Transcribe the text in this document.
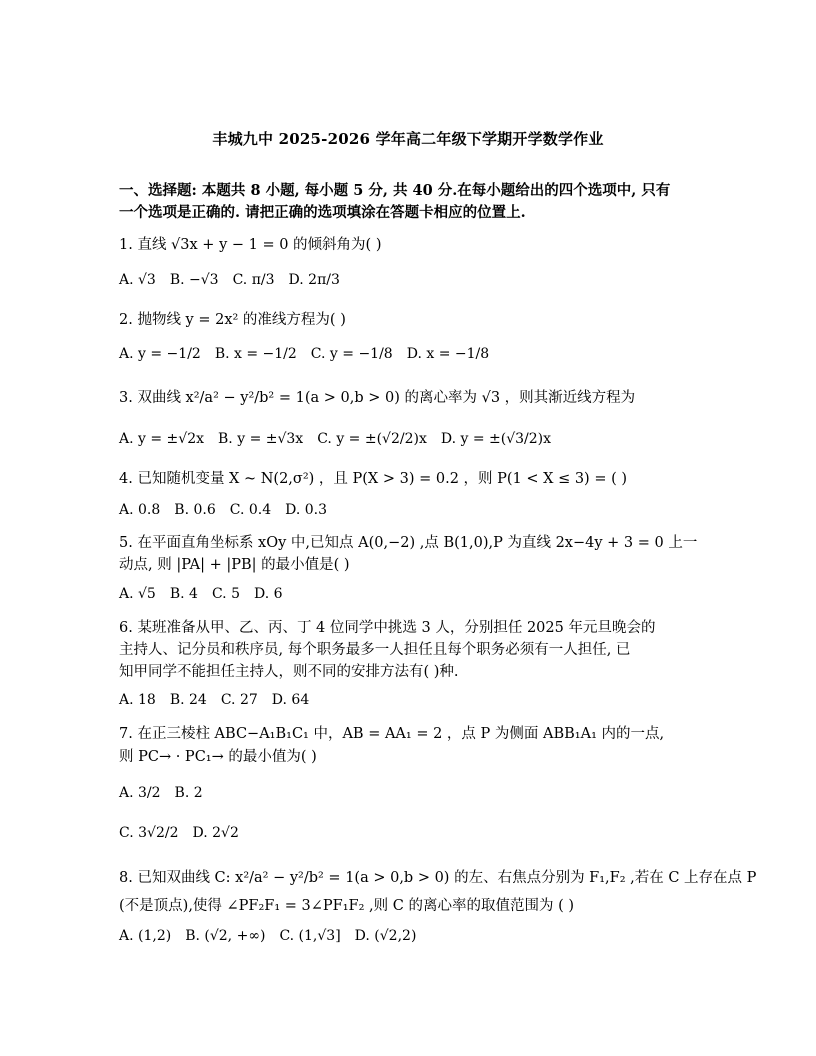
丰城九中 2025-2026 学年高二年级下学期开学数学作业
一、选择题: 本题共 8 小题, 每小题 5 分, 共 40 分.在每小题给出的四个选项中, 只有
一个选项是正确的. 请把正确的选项填涂在答题卡相应的位置上.
1. 直线 √3x + y − 1 = 0 的倾斜角为( )
A. √3 B. −√3 C. π/3 D. 2π/3
2. 抛物线 y = 2x² 的准线方程为( )
A. y = −1/2 B. x = −1/2 C. y = −1/8 D. x = −1/8
3. 双曲线 x²/a² − y²/b² = 1(a > 0,b > 0) 的离心率为 √3 ，则其渐近线方程为
A. y = ±√2x B. y = ±√3x C. y = ±(√2/2)x D. y = ±(√3/2)x
4. 已知随机变量 X ~ N(2,σ²) ，且 P(X > 3) = 0.2 ，则 P(1 < X ≤ 3) = ( )
A. 0.8 B. 0.6 C. 0.4 D. 0.3
5. 在平面直角坐标系 xOy 中,已知点 A(0,−2) ,点 B(1,0),P 为直线 2x−4y + 3 = 0 上一
动点, 则 |PA| + |PB| 的最小值是( )
A. √5 B. 4 C. 5 D. 6
6. 某班准备从甲、乙、丙、丁 4 位同学中挑选 3 人，分别担任 2025 年元旦晚会的
主持人、记分员和秩序员, 每个职务最多一人担任且每个职务必须有一人担任, 已
知甲同学不能担任主持人，则不同的安排方法有( )种.
A. 18 B. 24 C. 27 D. 64
7. 在正三棱柱 ABC−A₁B₁C₁ 中，AB = AA₁ = 2 ，点 P 为侧面 ABB₁A₁ 内的一点,
则 PC→ · PC₁→ 的最小值为( )
A. 3/2 B. 2
C. 3√2/2 D. 2√2
8. 已知双曲线 C: x²/a² − y²/b² = 1(a > 0,b > 0) 的左、右焦点分别为 F₁,F₂ ,若在 C 上存在点 P
(不是顶点),使得 ∠PF₂F₁ = 3∠PF₁F₂ ,则 C 的离心率的取值范围为 ( )
A. (1,2) B. (√2, +∞) C. (1,√3] D. (√2,2)
